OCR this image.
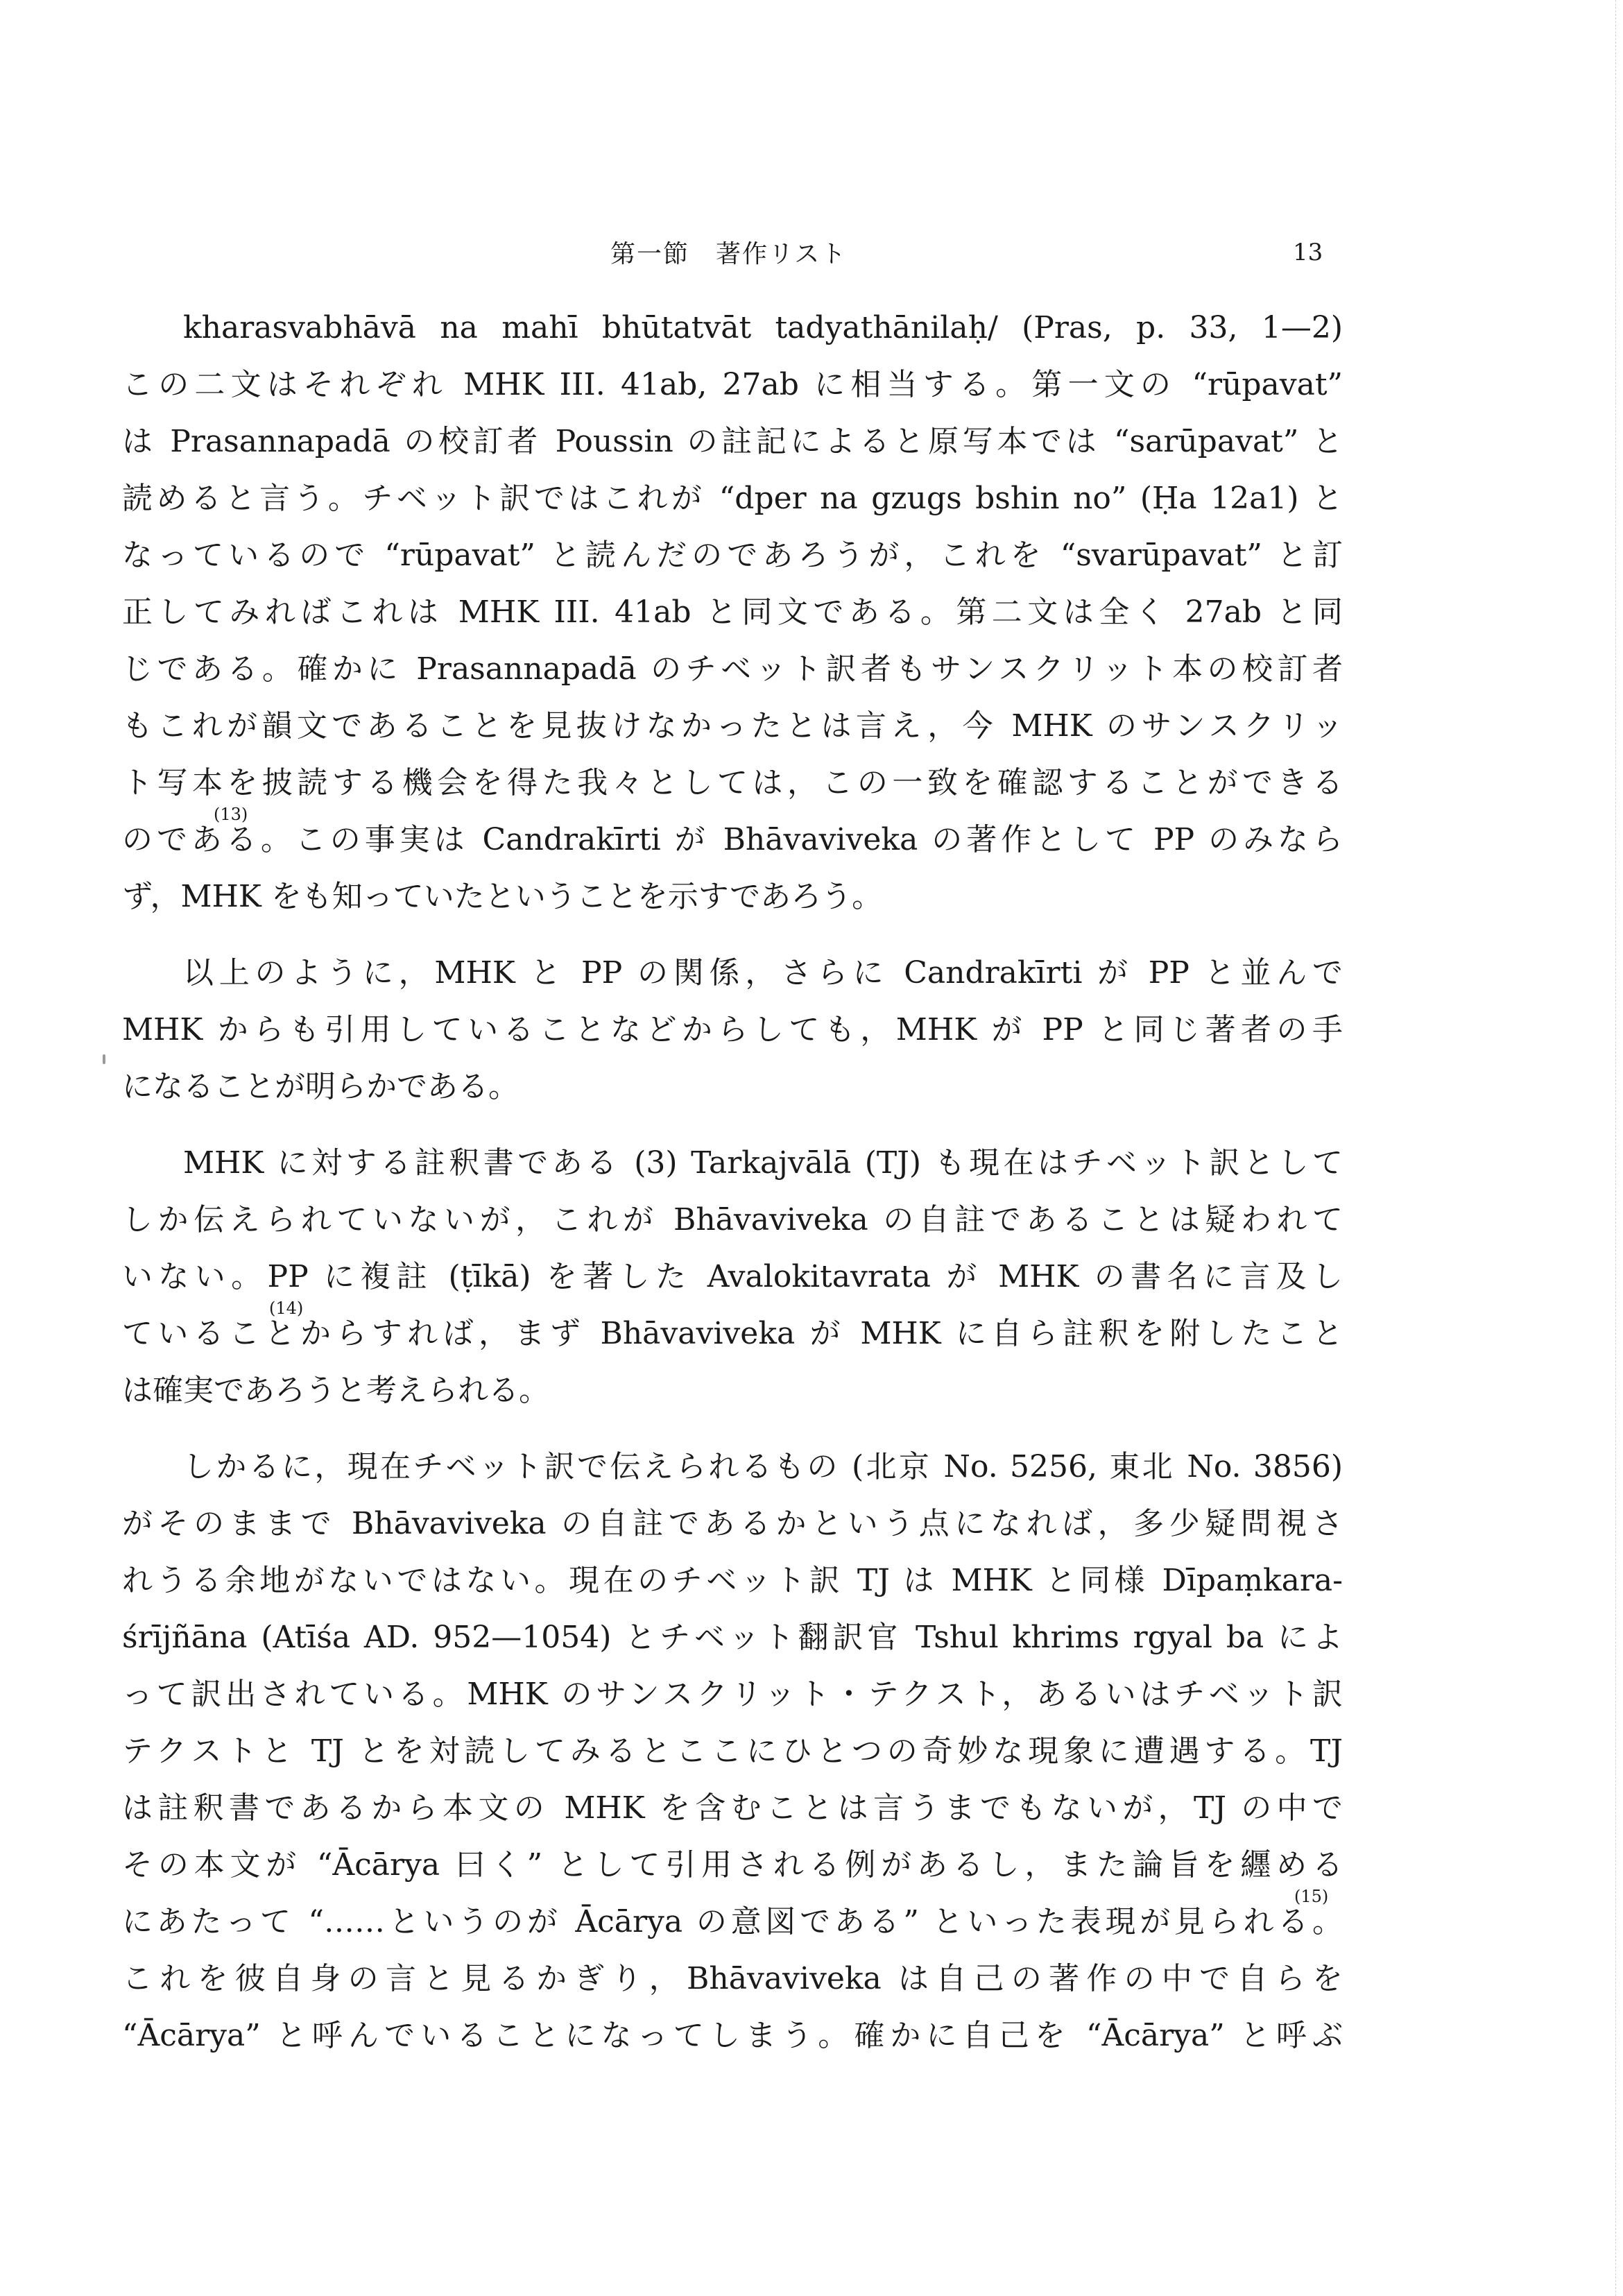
第一節　著作リスト	13
kharasvabhāvā na mahī bhūtatvāt tadyathānilaḥ/ (Pras, p. 33, 1—2)
この二文はそれぞれ MHK III. 41ab, 27ab に相当する。第一文の “rūpavat”
は Prasannapadā の校訂者 Poussin の註記によると原写本では “sarūpavat” と
読めると言う。チベット訳ではこれが “dper na gzugs bshin no” (Ḥa 12a1) と
なっているので “rūpavat” と読んだのであろうが，これを “svarūpavat” と訂
正してみればこれは MHK III. 41ab と同文である。第二文は全く 27ab と同
じである。確かに Prasannapadā のチベット訳者もサンスクリット本の校訂者
もこれが韻文であることを見抜けなかったとは言え，今 MHK のサンスクリッ
ト写本を披読する機会を得た我々としては，この一致を確認することができる
(13)
のである。この事実は Candrakīrti が Bhāvaviveka の著作として PP のみなら
ず，MHK をも知っていたということを示すであろう。
以上のように，MHK と PP の関係，さらに Candrakīrti が PP と並んで
MHK からも引用していることなどからしても，MHK が PP と同じ著者の手
になることが明らかである。
MHK に対する註釈書である (3) Tarkajvālā (TJ) も現在はチベット訳として
しか伝えられていないが，これが Bhāvaviveka の自註であることは疑われて
いない。PP に複註 (ṭīkā) を著した Avalokitavrata が MHK の書名に言及し
(14)
ていることからすれば，まず Bhāvaviveka が MHK に自ら註釈を附したこと
は確実であろうと考えられる。
しかるに，現在チベット訳で伝えられるもの (北京 No. 5256, 東北 No. 3856)
がそのままで Bhāvaviveka の自註であるかという点になれば，多少疑問視さ
れうる余地がないではない。現在のチベット訳 TJ は MHK と同様 Dīpaṃkara-
śrījñāna (Atīśa AD. 952—1054) とチベット翻訳官 Tshul khrims rgyal ba によ
って訳出されている。MHK のサンスクリット・テクスト，あるいはチベット訳
テクストと TJ とを対読してみるとここにひとつの奇妙な現象に遭遇する。TJ
は註釈書であるから本文の MHK を含むことは言うまでもないが，TJ の中で
その本文が “Ācārya 曰く” として引用される例があるし，また論旨を纒める
(15)
にあたって “……というのが Ācārya の意図である” といった表現が見られる。
これを彼自身の言と見るかぎり，Bhāvaviveka は自己の著作の中で自らを
“Ācārya” と呼んでいることになってしまう。確かに自己を “Ācārya” と呼ぶ
